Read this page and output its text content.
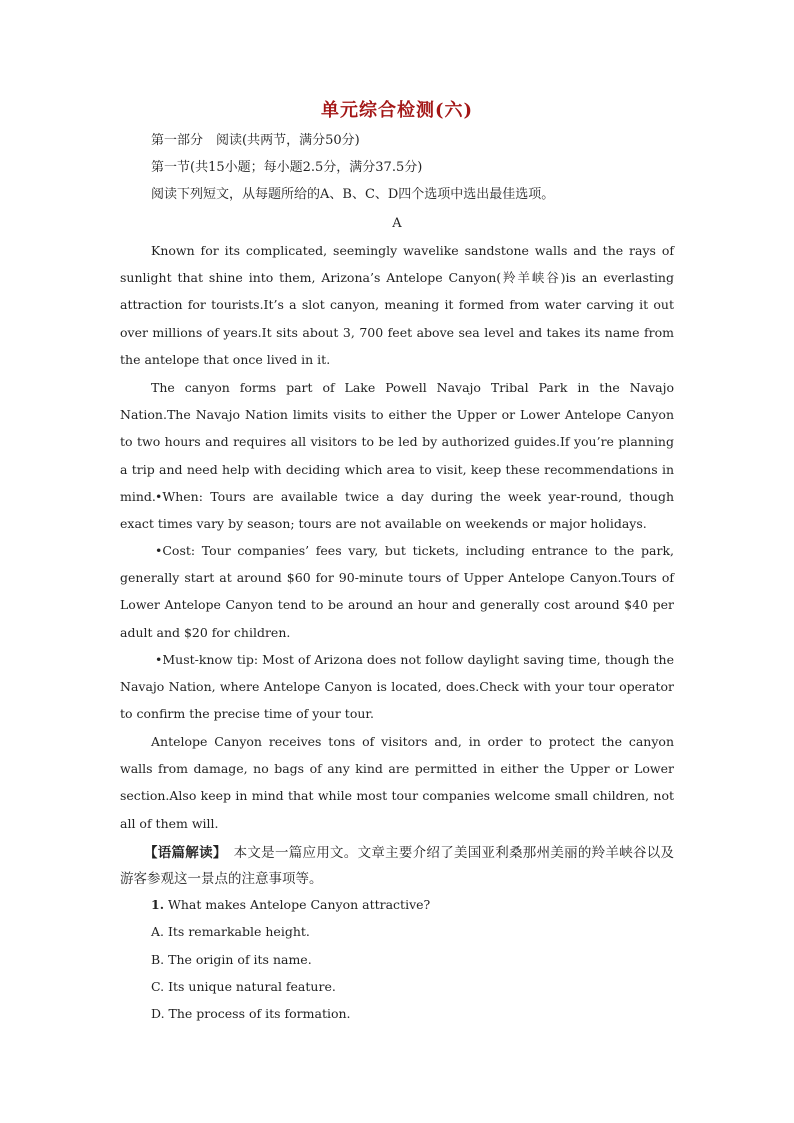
单元综合检测(六)
第一部分　阅读(共两节，满分50分)
第一节(共15小题；每小题2.5分，满分37.5分)
阅读下列短文，从每题所给的A、B、C、D四个选项中选出最佳选项。
A

Known for its complicated, seemingly wavelike sandstone walls and the rays of sunlight that shine into them, Arizona’s Antelope Canyon(羚羊峡谷)is an everlasting attraction for tourists.It’s a slot canyon, meaning it formed from water carving it out over millions of years.It sits about 3, 700 feet above sea level and takes its name from the antelope that once lived in it.

The canyon forms part of Lake Powell Navajo Tribal Park in the Navajo Nation.The Navajo Nation limits visits to either the Upper or Lower Antelope Canyon to two hours and requires all visitors to be led by authorized guides.If you’re planning a trip and need help with deciding which area to visit, keep these recommendations in mind. •When: Tours are available twice a day during the week year-round, though exact times vary by season; tours are not available on weekends or major holidays.

•Cost: Tour companies’ fees vary, but tickets, including entrance to the park, generally start at around $60 for 90-minute tours of Upper Antelope Canyon.Tours of Lower Antelope Canyon tend to be around an hour and generally cost around $40 per adult and $20 for children.

•Must-know tip: Most of Arizona does not follow daylight saving time, though the Navajo Nation, where Antelope Canyon is located, does.Check with your tour operator to confirm the precise time of your tour.

Antelope Canyon receives tons of visitors and, in order to protect the canyon walls from damage, no bags of any kind are permitted in either the Upper or Lower section.Also keep in mind that while most tour companies welcome small children, not all of them will.

【语篇解读】　本文是一篇应用文。文章主要介绍了美国亚利桑那州美丽的羚羊峡谷以及游客参观这一景点的注意事项等。
1. What makes Antelope Canyon attractive?
A. Its remarkable height.
B. The origin of its name.
C. Its unique natural feature.
D. The process of its formation.
